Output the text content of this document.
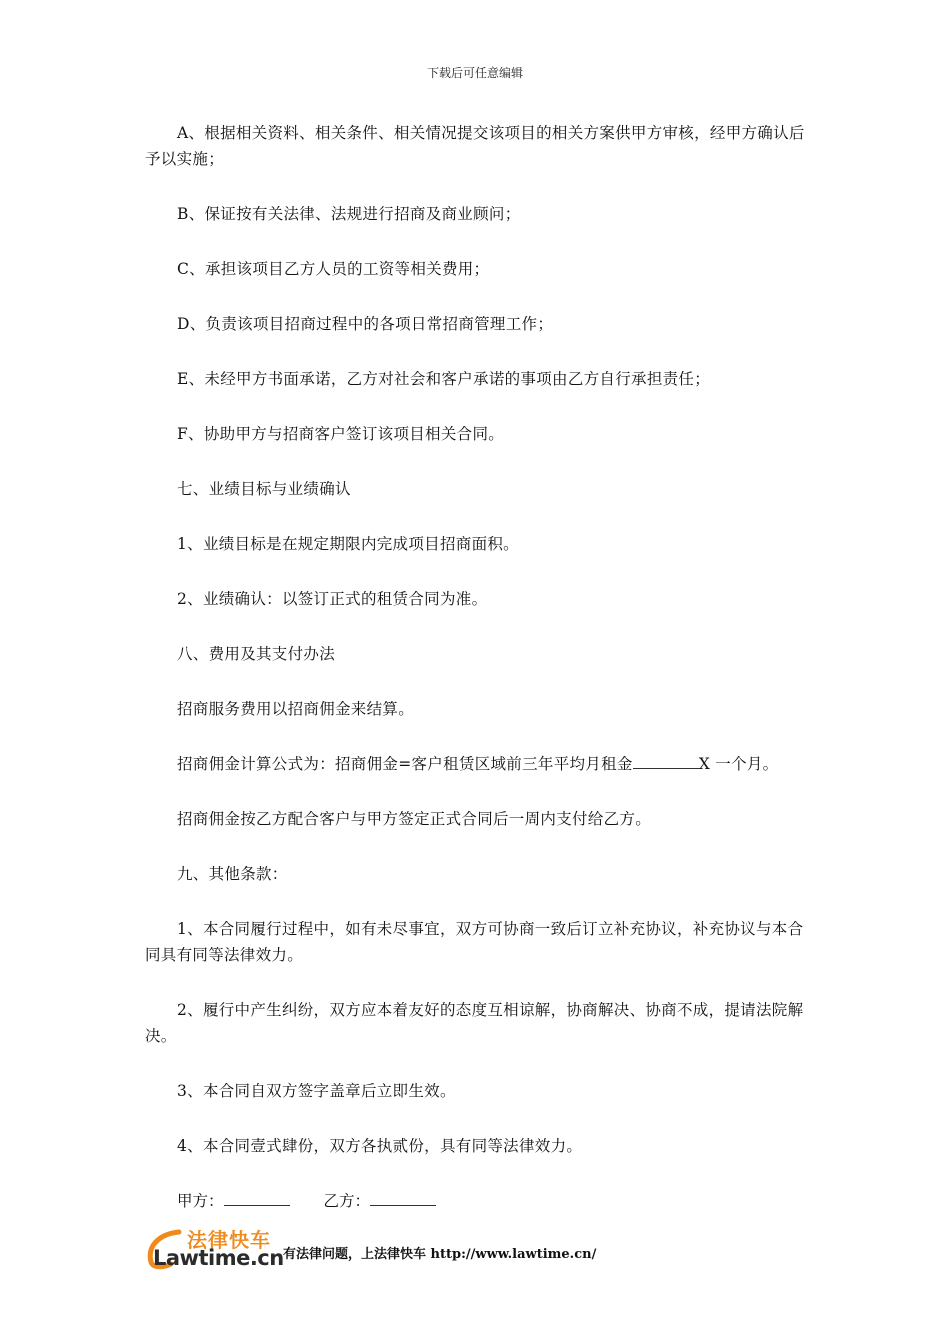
下载后可任意编辑

A、根据相关资料、相关条件、相关情况提交该项目的相关方案供甲方审核，经甲方确认后予以实施；

B、保证按有关法律、法规进行招商及商业顾问；

C、承担该项目乙方人员的工资等相关费用；

D、负责该项目招商过程中的各项日常招商管理工作；

E、未经甲方书面承诺，乙方对社会和客户承诺的事项由乙方自行承担责任；

F、协助甲方与招商客户签订该项目相关合同。

七、业绩目标与业绩确认

1、业绩目标是在规定期限内完成项目招商面积。

2、业绩确认：以签订正式的租赁合同为准。

八、费用及其支付办法

招商服务费用以招商佣金来结算。

招商佣金计算公式为：招商佣金=客户租赁区域前三年平均月租金	X 一个月。

招商佣金按乙方配合客户与甲方签定正式合同后一周内支付给乙方。

九、其他条款：

1、本合同履行过程中，如有未尽事宜，双方可协商一致后订立补充协议，补充协议与本合同具有同等法律效力。

2、履行中产生纠纷，双方应本着友好的态度互相谅解，协商解决、协商不成，提请法院解决。

3、本合同自双方签字盖章后立即生效。

4、本合同壹式肆份，双方各执贰份，具有同等法律效力。

甲方：	乙方：
法律快车
Lawtime.cn 有法律问题，上法律快车 http://www.lawtime.cn/
